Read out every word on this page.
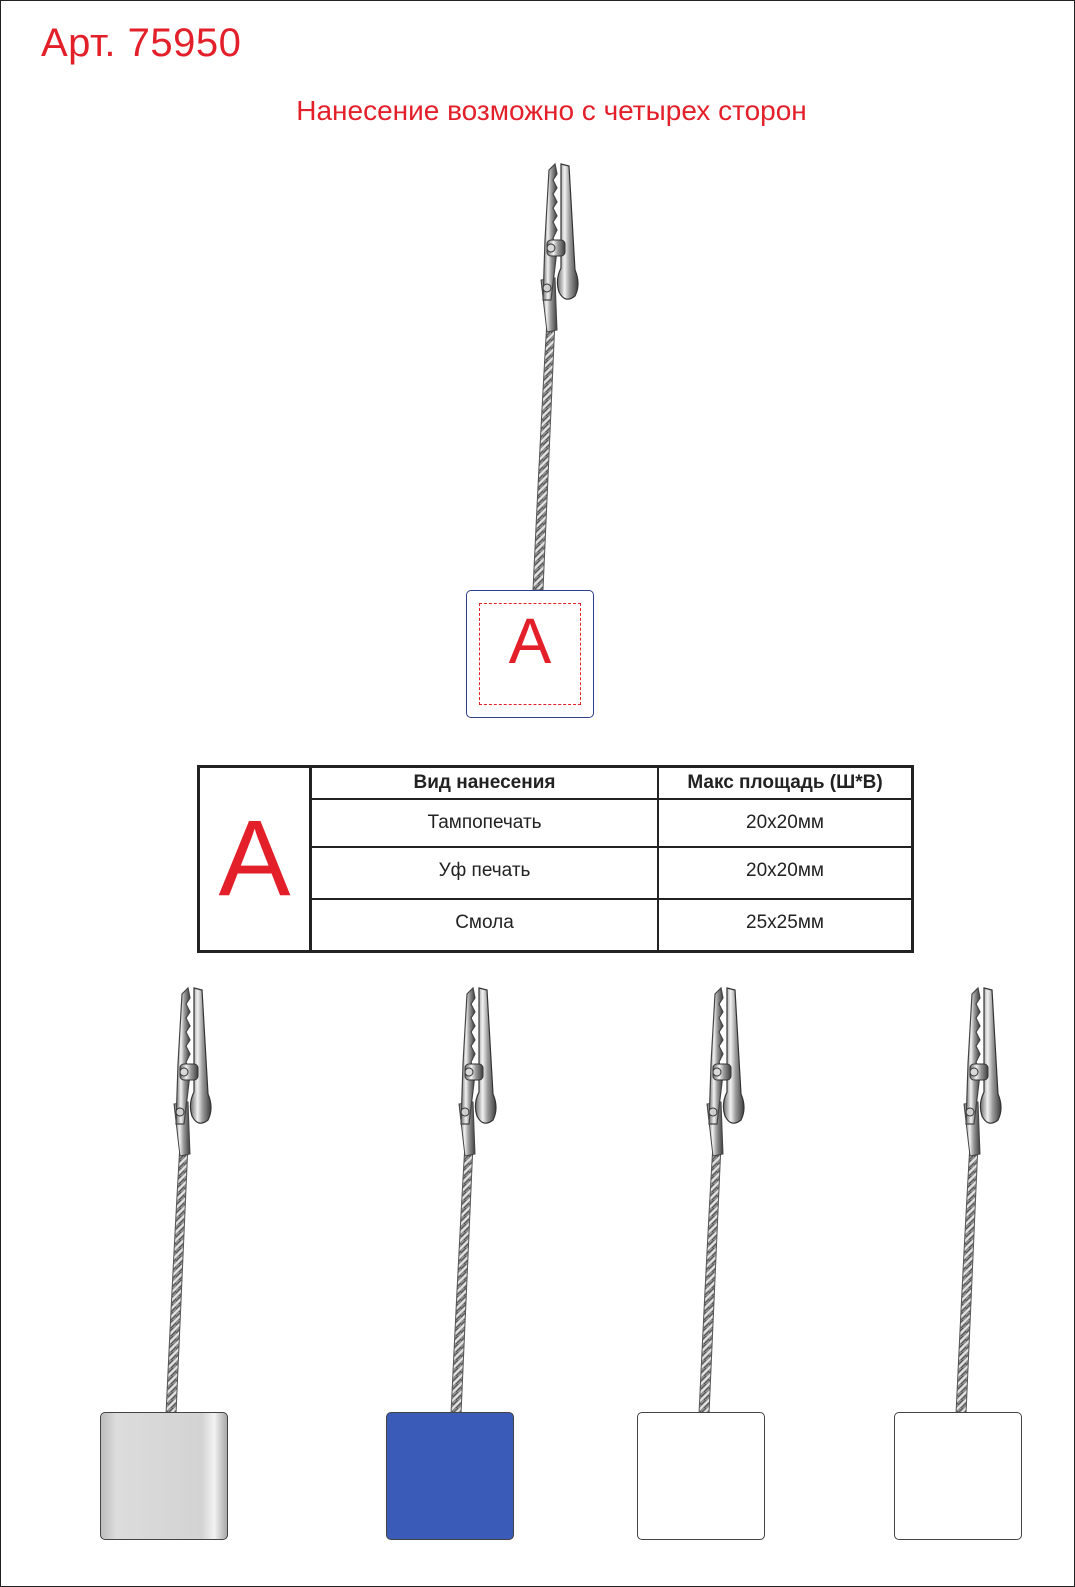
Арт. 75950
Нанесение возможно с четырех сторон
A
A
Вид нанесения	Макс площадь (Ш*В)
Тампопечать	20x20мм
Уф печать	20x20мм
Смола	25x25мм
